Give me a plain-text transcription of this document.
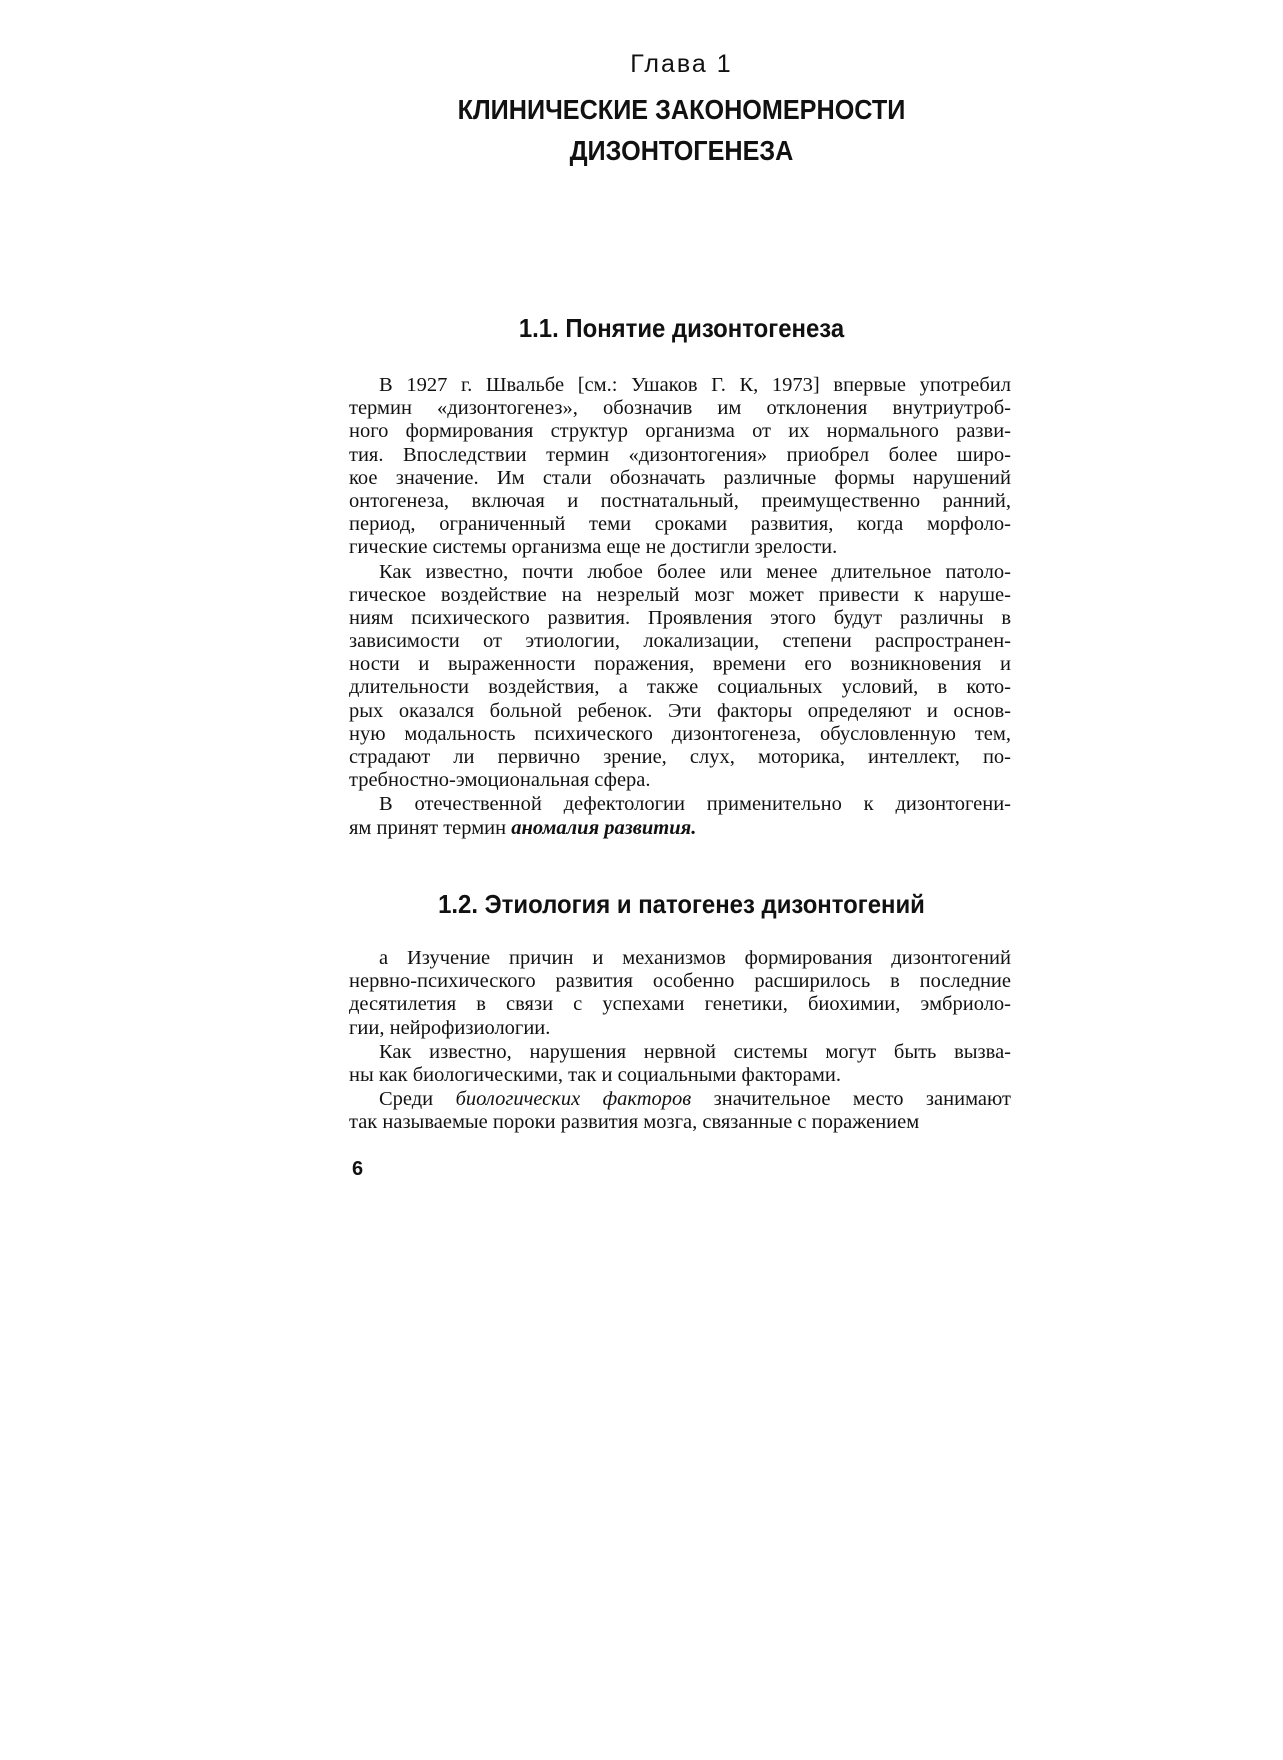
Глава 1
КЛИНИЧЕСКИЕ ЗАКОНОМЕРНОСТИ
ДИЗОНТОГЕНЕЗА
1.1. Понятие дизонтогенеза
В 1927 г. Швальбе [см.: Ушаков Г. К, 1973] впервые употребил
термин «дизонтогенез», обозначив им отклонения внутриутроб-
ного формирования структур организма от их нормального разви-
тия. Впоследствии термин «дизонтогения» приобрел более широ-
кое значение. Им стали обозначать различные формы нарушений
онтогенеза, включая и постнатальный, преимущественно ранний,
период, ограниченный теми сроками развития, когда морфоло-
гические системы организма еще не достигли зрелости.
Как известно, почти любое более или менее длительное патоло-
гическое воздействие на незрелый мозг может привести к наруше-
ниям психического развития. Проявления этого будут различны в
зависимости от этиологии, локализации, степени распространен-
ности и выраженности поражения, времени его возникновения и
длительности воздействия, а также социальных условий, в кото-
рых оказался больной ребенок. Эти факторы определяют и основ-
ную модальность психического дизонтогенеза, обусловленную тем,
страдают ли первично зрение, слух, моторика, интеллект, по-
требностно-эмоциональная сфера.
В отечественной дефектологии применительно к дизонтогени-
ям принят термин аномалия развития.
1.2. Этиология и патогенез дизонтогений
а Изучение причин и механизмов формирования дизонтогений
нервно-психического развития особенно расширилось в последние
десятилетия в связи с успехами генетики, биохимии, эмбриоло-
гии, нейрофизиологии.
Как известно, нарушения нервной системы могут быть вызва-
ны как биологическими, так и социальными факторами.
Среди биологических факторов значительное место занимают
так называемые пороки развития мозга, связанные с поражением
6
